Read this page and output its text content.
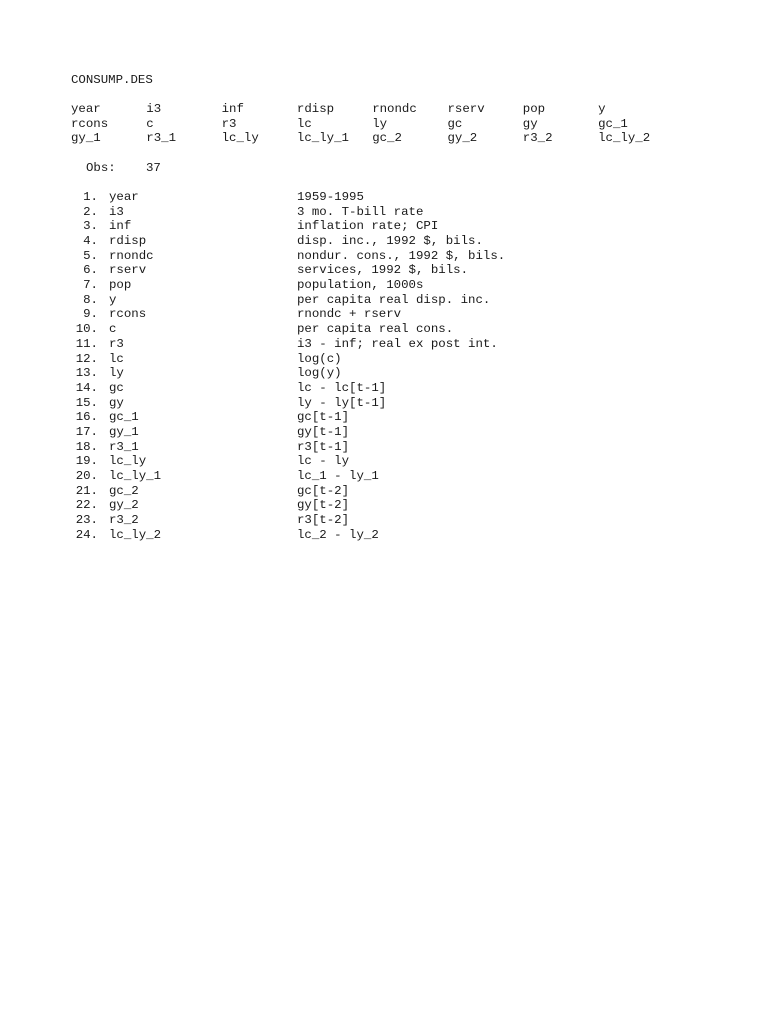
CONSUMP.DES
year	i3	inf	rdisp	rnondc	rserv	pop	y
rcons	c	r3	lc	ly	gc	gy	gc_1
gy_1	r3_1	lc_ly	lc_ly_1	gc_2	gy_2	r3_2	lc_ly_2
Obs: 37
1. year	1959-1995
2. i3	3 mo. T-bill rate
3. inf	inflation rate; CPI
4. rdisp	disp. inc., 1992 $, bils.
5. rnondc	nondur. cons., 1992 $, bils.
6. rserv	services, 1992 $, bils.
7. pop	population, 1000s
8. y	per capita real disp. inc.
9. rcons	rnondc + rserv
10. c	per capita real cons.
11. r3	i3 - inf; real ex post int.
12. lc	log(c)
13. ly	log(y)
14. gc	lc - lc[t-1]
15. gy	ly - ly[t-1]
16. gc_1	gc[t-1]
17. gy_1	gy[t-1]
18. r3_1	r3[t-1]
19. lc_ly	lc - ly
20. lc_ly_1	lc_1 - ly_1
21. gc_2	gc[t-2]
22. gy_2	gy[t-2]
23. r3_2	r3[t-2]
24. lc_ly_2	lc_2 - ly_2
